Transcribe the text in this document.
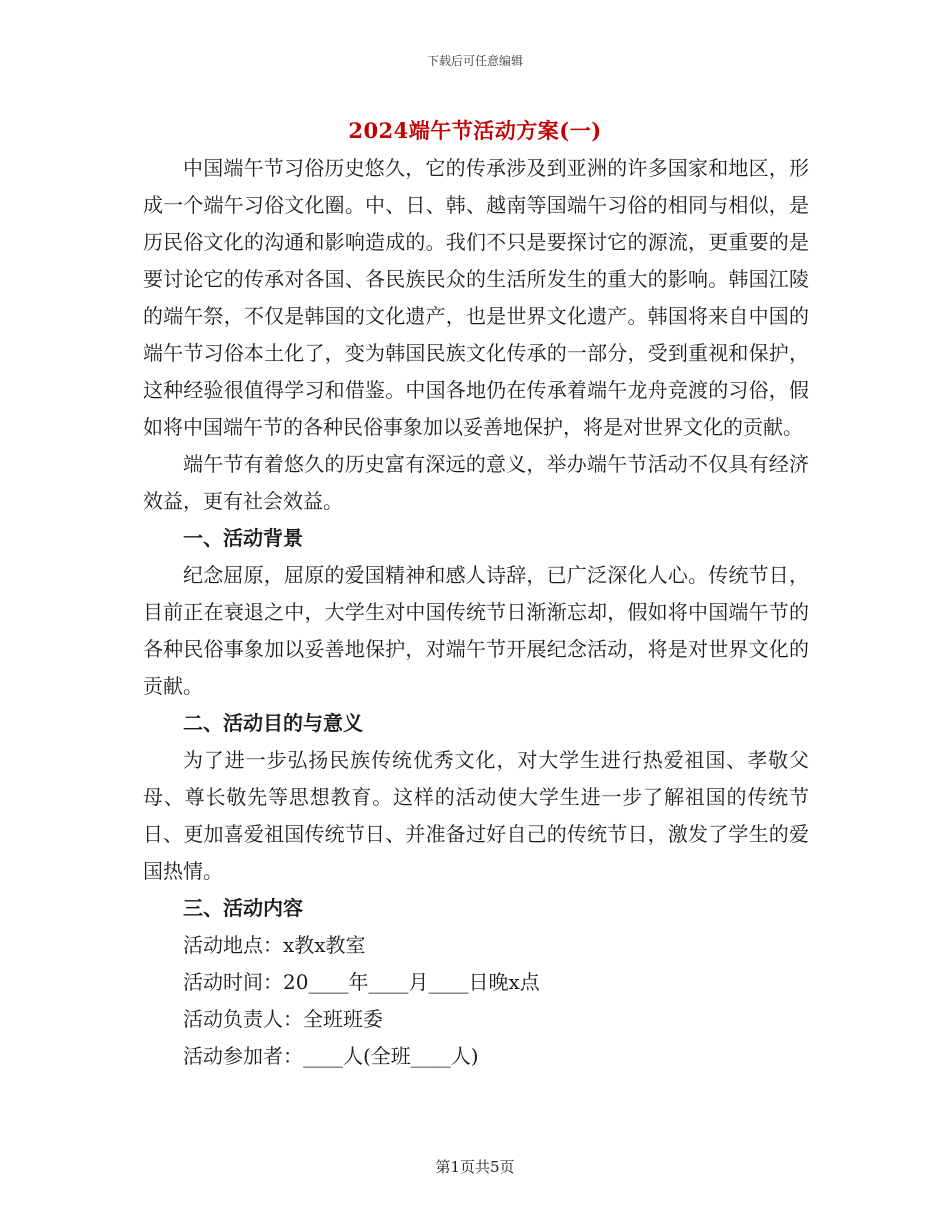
下载后可任意编辑
2024端午节活动方案(一)

中国端午节习俗历史悠久，它的传承涉及到亚洲的许多国家和地区，形成一个端午习俗文化圈。中、日、韩、越南等国端午习俗的相同与相似，是历民俗文化的沟通和影响造成的。我们不只是要探讨它的源流，更重要的是要讨论它的传承对各国、各民族民众的生活所发生的重大的影响。韩国江陵的端午祭，不仅是韩国的文化遗产，也是世界文化遗产。韩国将来自中国的端午节习俗本土化了，变为韩国民族文化传承的一部分，受到重视和保护，这种经验很值得学习和借鉴。中国各地仍在传承着端午龙舟竞渡的习俗，假如将中国端午节的各种民俗事象加以妥善地保护，将是对世界文化的贡献。

端午节有着悠久的历史富有深远的意义，举办端午节活动不仅具有经济效益，更有社会效益。

一、活动背景

纪念屈原，屈原的爱国精神和感人诗辞，已广泛深化人心。传统节日，目前正在衰退之中，大学生对中国传统节日渐渐忘却，假如将中国端午节的各种民俗事象加以妥善地保护，对端午节开展纪念活动，将是对世界文化的贡献。

二、活动目的与意义

为了进一步弘扬民族传统优秀文化，对大学生进行热爱祖国、孝敬父母、尊长敬先等思想教育。这样的活动使大学生进一步了解祖国的传统节日、更加喜爱祖国传统节日、并准备过好自己的传统节日，激发了学生的爱国热情。

三、活动内容

活动地点：x教x教室

活动时间：20____年____月____日晚x点

活动负责人：全班班委

活动参加者：____人(全班____人)

第1页共5页
